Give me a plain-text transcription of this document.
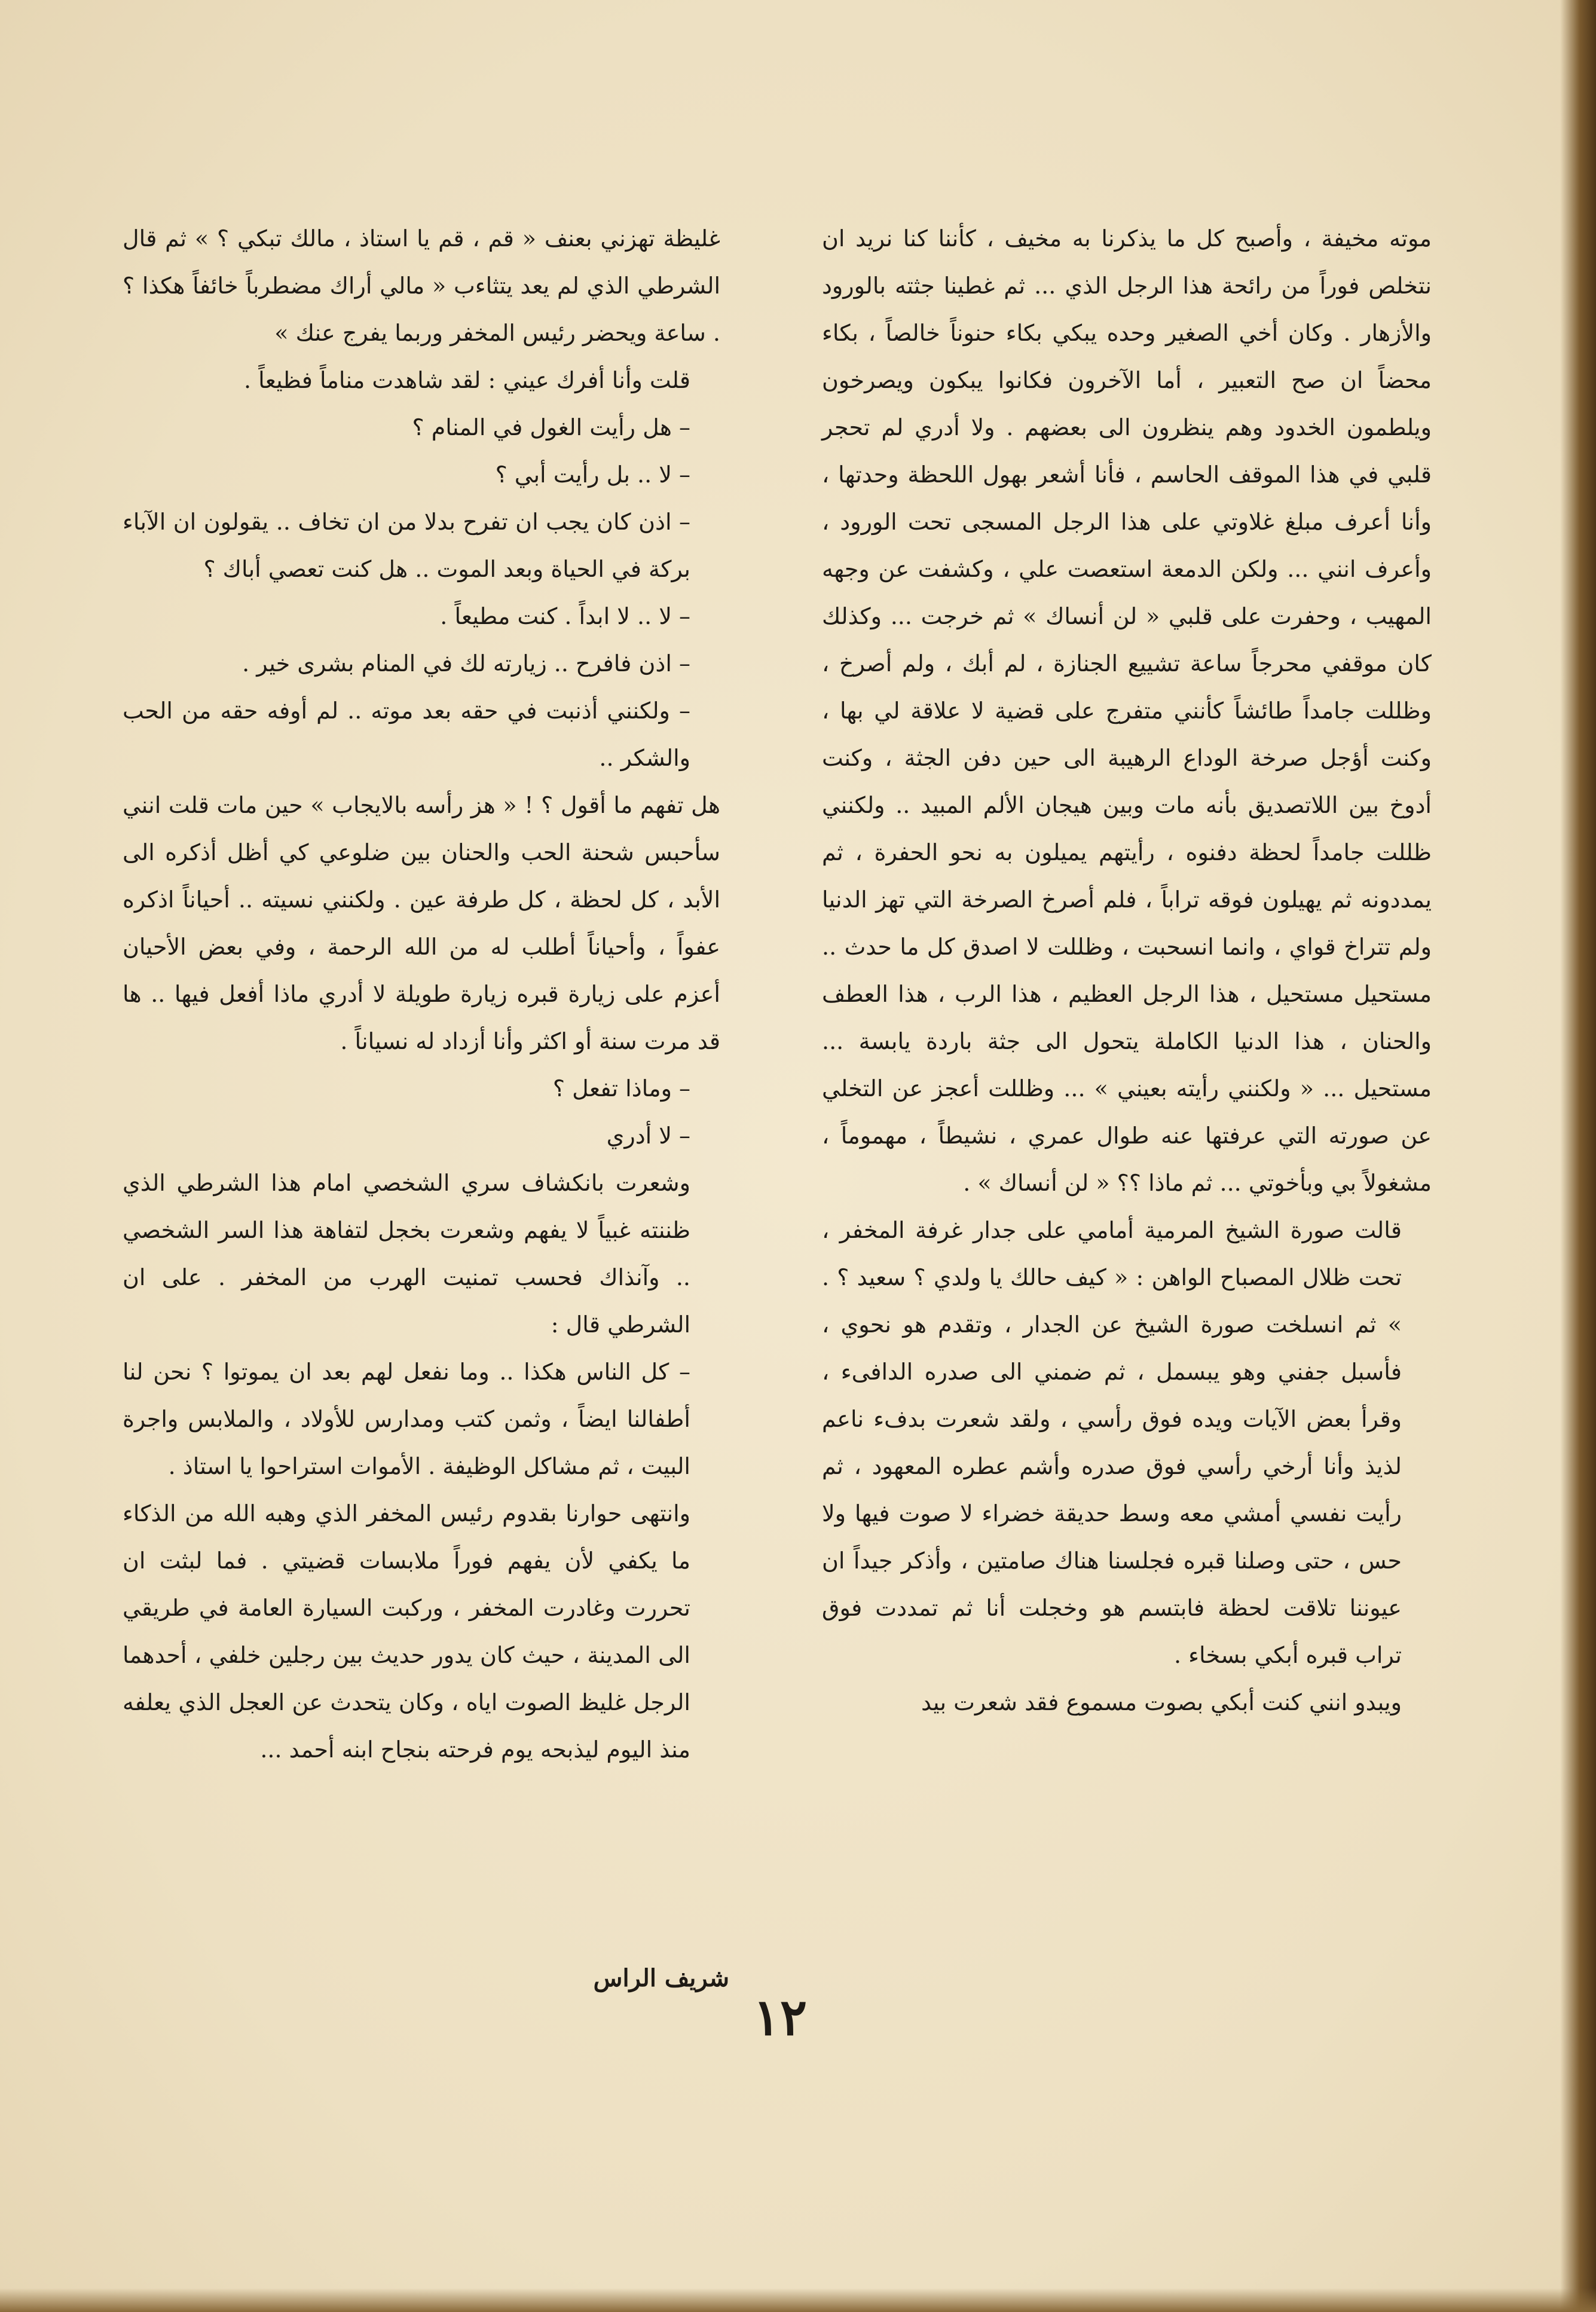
موته مخيفة ، وأصبح كل ما يذكرنا به مخيف ، كأننا كنا نريد ان نتخلص فوراً من رائحة هذا الرجل الذي ... ثم غطينا جثته بالورود والأزهار . وكان أخي الصغير وحده يبكي بكاء حنوناً خالصاً ، بكاء محضاً ان صح التعبير ، أما الآخرون فكانوا يبكون ويصرخون ويلطمون الخدود وهم ينظرون الى بعضهم . ولا أدري لم تحجر قلبي في هذا الموقف الحاسم ، فأنا أشعر بهول اللحظة وحدتها ، وأنا أعرف مبلغ غلاوتي على هذا الرجل المسجى تحت الورود ، وأعرف انني ... ولكن الدمعة استعصت علي ، وكشفت عن وجهه المهيب ، وحفرت على قلبي « لن أنساك » ثم خرجت ... وكذلك كان موقفي محرجاً ساعة تشييع الجنازة ، لم أبك ، ولم أصرخ ، وظللت جامداً طائشاً كأنني متفرج على قضية لا علاقة لي بها ، وكنت أؤجل صرخة الوداع الرهيبة الى حين دفن الجثة ، وكنت أدوخ بين اللاتصديق بأنه مات وبين هيجان الألم المبيد .. ولكنني ظللت جامداً لحظة دفنوه ، رأيتهم يميلون به نحو الحفرة ، ثم يمددونه ثم يهيلون فوقه تراباً ، فلم أصرخ الصرخة التي تهز الدنيا ولم تتراخ قواي ، وانما انسحبت ، وظللت لا اصدق كل ما حدث .. مستحيل مستحيل ، هذا الرجل العظيم ، هذا الرب ، هذا العطف والحنان ، هذا الدنيا الكاملة يتحول الى جثة باردة يابسة ... مستحيل ... « ولكنني رأيته بعيني » ... وظللت أعجز عن التخلي عن صورته التي عرفتها عنه طوال عمري ، نشيطاً ، مهموماً ، مشغولاً بي وبأخوتي ... ثم ماذا ؟؟ « لن أنساك » .

قالت صورة الشيخ المرمية أمامي على جدار غرفة المخفر ، تحت ظلال المصباح الواهن : « كيف حالك يا ولدي ؟ سعيد ؟ . » ثم انسلخت صورة الشيخ عن الجدار ، وتقدم هو نحوي ، فأسبل جفني وهو يبسمل ، ثم ضمني الى صدره الدافىء ، وقرأ بعض الآيات ويده فوق رأسي ، ولقد شعرت بدفء ناعم لذيذ وأنا أرخي رأسي فوق صدره وأشم عطره المعهود ، ثم رأيت نفسي أمشي معه وسط حديقة خضراء لا صوت فيها ولا حس ، حتى وصلنا قبره فجلسنا هناك صامتين ، وأذكر جيداً ان عيوننا تلاقت لحظة فابتسم هو وخجلت أنا ثم تمددت فوق تراب قبره أبكي بسخاء .

ويبدو انني كنت أبكي بصوت مسموع فقد شعرت بيد

غليظة تهزني بعنف « قم ، قم يا استاذ ، مالك تبكي ؟ » ثم قال الشرطي الذي لم يعد يتثاءب « مالي أراك مضطرباً خائفاً هكذا ؟ . ساعة ويحضر رئيس المخفر وربما يفرج عنك »

قلت وأنا أفرك عيني : لقد شاهدت مناماً فظيعاً .

– هل رأيت الغول في المنام ؟

– لا .. بل رأيت أبي ؟

– اذن كان يجب ان تفرح بدلا من ان تخاف .. يقولون ان الآباء بركة في الحياة وبعد الموت .. هل كنت تعصي أباك ؟

– لا .. لا ابداً . كنت مطيعاً .

– اذن فافرح .. زيارته لك في المنام بشرى خير .

– ولكنني أذنبت في حقه بعد موته .. لم أوفه حقه من الحب والشكر ..

هل تفهم ما أقول ؟ ! « هز رأسه بالايجاب » حين مات قلت انني سأحبس شحنة الحب والحنان بين ضلوعي كي أظل أذكره الى الأبد ، كل لحظة ، كل طرفة عين . ولكنني نسيته .. أحياناً اذكره عفواً ، وأحياناً أطلب له من الله الرحمة ، وفي بعض الأحيان أعزم على زيارة قبره زيارة طويلة لا أدري ماذا أفعل فيها .. ها قد مرت سنة أو اكثر وأنا أزداد له نسياناً .

– وماذا تفعل ؟

– لا أدري

وشعرت بانكشاف سري الشخصي امام هذا الشرطي الذي ظننته غبياً لا يفهم وشعرت بخجل لتفاهة هذا السر الشخصي .. وآنذاك فحسب تمنيت الهرب من المخفر . على ان الشرطي قال :

– كل الناس هكذا .. وما نفعل لهم بعد ان يموتوا ؟ نحن لنا أطفالنا ايضاً ، وثمن كتب ومدارس للأولاد ، والملابس واجرة البيت ، ثم مشاكل الوظيفة . الأموات استراحوا يا استاذ .

وانتهى حوارنا بقدوم رئيس المخفر الذي وهبه الله من الذكاء ما يكفي لأن يفهم فوراً ملابسات قضيتي . فما لبثت ان تحررت وغادرت المخفر ، وركبت السيارة العامة في طريقي الى المدينة ، حيث كان يدور حديث بين رجلين خلفي ، أحدهما الرجل غليظ الصوت اياه ، وكان يتحدث عن العجل الذي يعلفه منذ اليوم ليذبحه يوم فرحته بنجاح ابنه أحمد ...

شريف الراس
١٢
